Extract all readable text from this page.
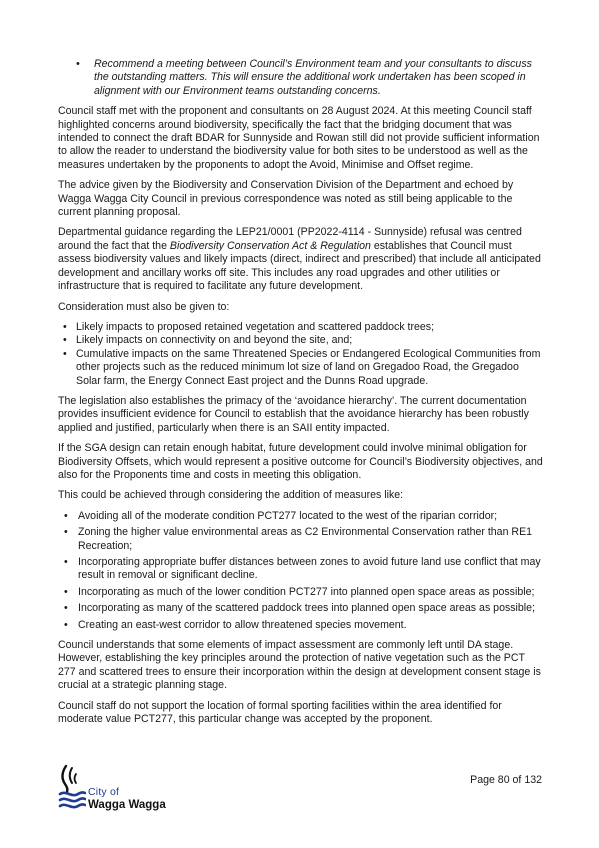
• Recommend a meeting between Council’s Environment team and your consultants to discuss the outstanding matters. This will ensure the additional work undertaken has been scoped in alignment with our Environment teams outstanding concerns.

Council staff met with the proponent and consultants on 28 August 2024. At this meeting Council staff highlighted concerns around biodiversity, specifically the fact that the bridging document that was intended to connect the draft BDAR for Sunnyside and Rowan still did not provide sufficient information to allow the reader to understand the biodiversity value for both sites to be understood as well as the measures undertaken by the proponents to adopt the Avoid, Minimise and Offset regime.

The advice given by the Biodiversity and Conservation Division of the Department and echoed by Wagga Wagga City Council in previous correspondence was noted as still being applicable to the current planning proposal.

Departmental guidance regarding the LEP21/0001 (PP2022-4114 - Sunnyside) refusal was centred around the fact that the Biodiversity Conservation Act & Regulation establishes that Council must assess biodiversity values and likely impacts (direct, indirect and prescribed) that include all anticipated development and ancillary works off site. This includes any road upgrades and other utilities or infrastructure that is required to facilitate any future development.

Consideration must also be given to:

• Likely impacts to proposed retained vegetation and scattered paddock trees;
• Likely impacts on connectivity on and beyond the site, and;
• Cumulative impacts on the same Threatened Species or Endangered Ecological Communities from other projects such as the reduced minimum lot size of land on Gregadoo Road, the Gregadoo Solar farm, the Energy Connect East project and the Dunns Road upgrade.

The legislation also establishes the primacy of the ‘avoidance hierarchy’. The current documentation provides insufficient evidence for Council to establish that the avoidance hierarchy has been robustly applied and justified, particularly when there is an SAII entity impacted.

If the SGA design can retain enough habitat, future development could involve minimal obligation for Biodiversity Offsets, which would represent a positive outcome for Council’s Biodiversity objectives, and also for the Proponents time and costs in meeting this obligation.

This could be achieved through considering the addition of measures like:

• Avoiding all of the moderate condition PCT277 located to the west of the riparian corridor;
• Zoning the higher value environmental areas as C2 Environmental Conservation rather than RE1 Recreation;
• Incorporating appropriate buffer distances between zones to avoid future land use conflict that may result in removal or significant decline.
• Incorporating as much of the lower condition PCT277 into planned open space areas as possible;
• Incorporating as many of the scattered paddock trees into planned open space areas as possible;
• Creating an east-west corridor to allow threatened species movement.

Council understands that some elements of impact assessment are commonly left until DA stage. However, establishing the key principles around the protection of native vegetation such as the PCT 277 and scattered trees to ensure their incorporation within the design at development consent stage is crucial at a strategic planning stage.

Council staff do not support the location of formal sporting facilities within the area identified for moderate value PCT277, this particular change was accepted by the proponent.

City of
Wagga Wagga
Page 80 of 132
